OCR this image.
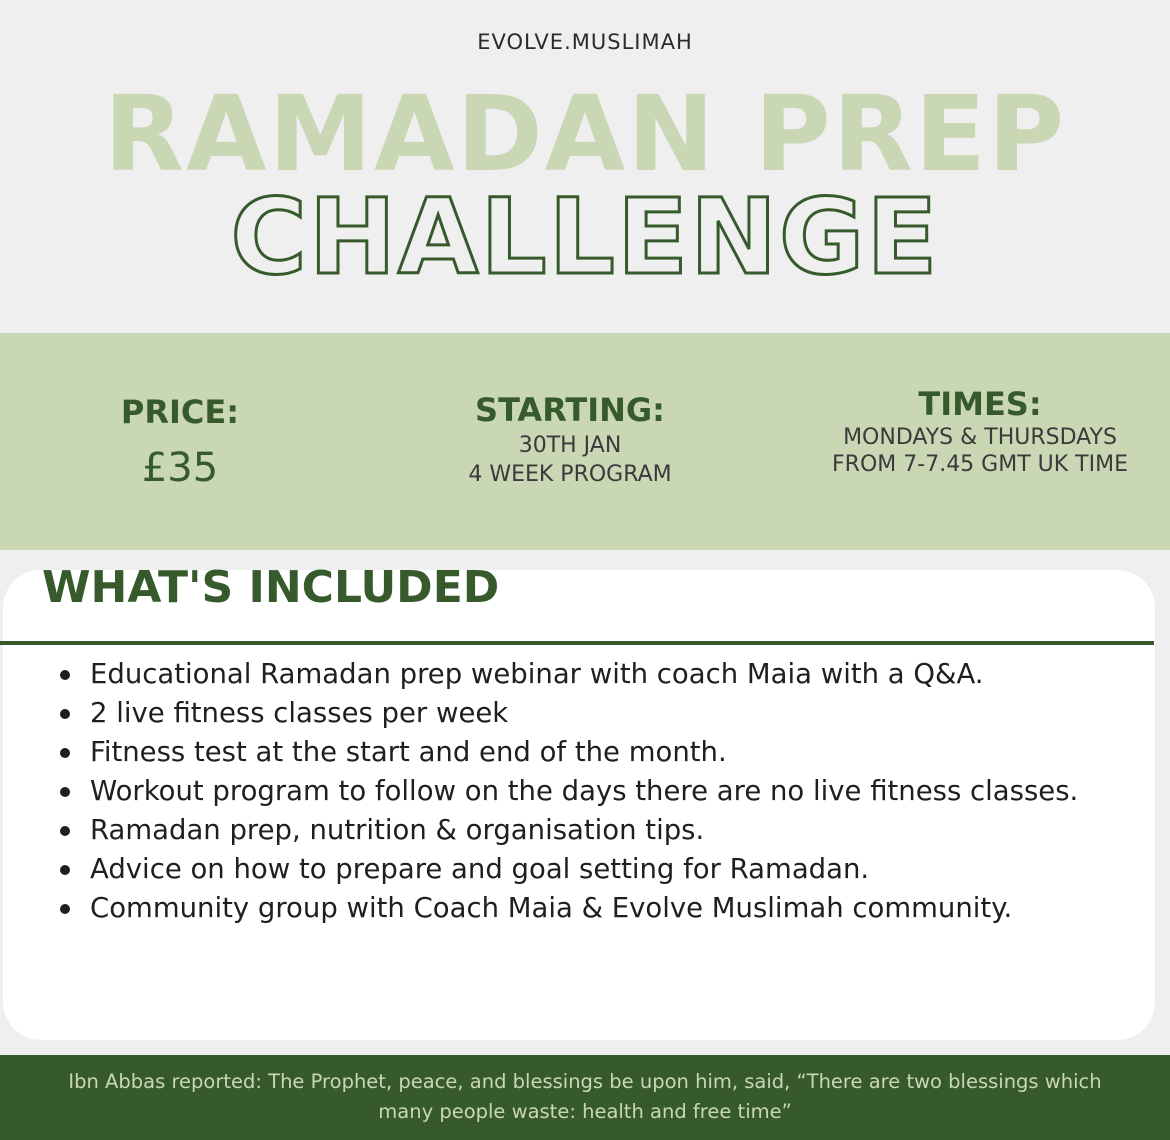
EVOLVE.MUSLIMAH
RAMADAN PREP
CHALLENGE
PRICE:
£35
STARTING:
30TH JAN
4 WEEK PROGRAM
TIMES:
MONDAYS & THURSDAYS
FROM 7-7.45 GMT UK TIME
WHAT'S INCLUDED
Educational Ramadan prep webinar with coach Maia with a Q&A.
2 live fitness classes per week
Fitness test at the start and end of the month.
Workout program to follow on the days there are no live fitness classes.
Ramadan prep, nutrition & organisation tips.
Advice on how to prepare and goal setting for Ramadan.
Community group with Coach Maia & Evolve Muslimah community.
Ibn Abbas reported: The Prophet, peace, and blessings be upon him, said, “There are two blessings which many people waste: health and free time”
